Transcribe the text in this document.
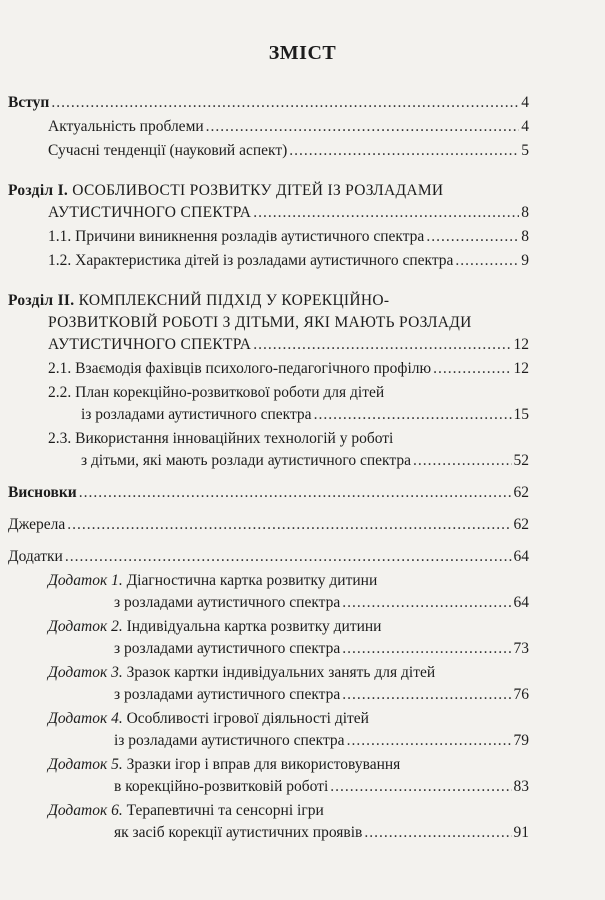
ЗМІСТ
Вступ .....	4
Актуальність проблеми .....	4
Сучасні тенденції (науковий аспект) .....	5
Розділ І. ОСОБЛИВОСТІ РОЗВИТКУ ДІТЕЙ ІЗ РОЗЛАДАМИ
АУТИСТИЧНОГО СПЕКТРА .....	8
1.1. Причини виникнення розладів аутистичного спектра .....	8
1.2. Характеристика дітей із розладами аутистичного спектра .....	9
Розділ ІІ. КОМПЛЕКСНИЙ ПІДХІД У КОРЕКЦІЙНО-
РОЗВИТКОВІЙ РОБОТІ З ДІТЬМИ, ЯКІ МАЮТЬ РОЗЛАДИ
АУТИСТИЧНОГО СПЕКТРА .....	12
2.1. Взаємодія фахівців психолого-педагогічного профілю .....	12
2.2. План корекційно-розвиткової роботи для дітей
із розладами аутистичного спектра .....	15
2.3. Використання інноваційних технологій у роботі
з дітьми, які мають розлади аутистичного спектра .....	52
Висновки .....	62
Джерела .....	62
Додатки .....	64
Додаток 1. Діагностична картка розвитку дитини
з розладами аутистичного спектра .....	64
Додаток 2. Індивідуальна картка розвитку дитини
з розладами аутистичного спектра .....	73
Додаток 3. Зразок картки індивідуальних занять для дітей
з розладами аутистичного спектра .....	76
Додаток 4. Особливості ігрової діяльності дітей
із розладами аутистичного спектра .....	79
Додаток 5. Зразки ігор і вправ для використовування
в корекційно-розвитковій роботі .....	83
Додаток 6. Терапевтичні та сенсорні ігри
як засіб корекції аутистичних проявів .....	91
